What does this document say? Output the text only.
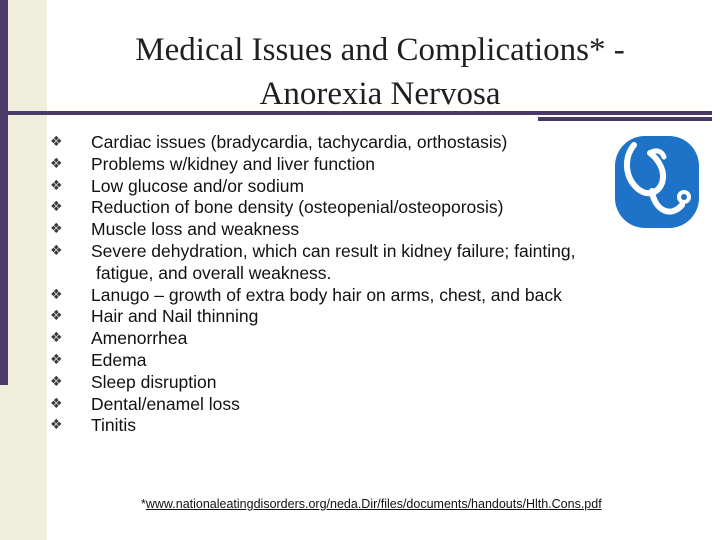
Medical Issues and Complications* -
Anorexia Nervosa
❖	Cardiac issues (bradycardia, tachycardia, orthostasis)
❖	Problems w/kidney and liver function
❖	Low glucose and/or sodium
❖	Reduction of bone density (osteopenial/osteoporosis)
❖	Muscle loss and weakness
❖	Severe dehydration, which can result in kidney failure; fainting,
fatigue, and overall weakness.
❖	Lanugo – growth of extra body hair on arms, chest, and back
❖	Hair and Nail thinning
❖	Amenorrhea
❖	Edema
❖	Sleep disruption
❖	Dental/enamel loss
❖	Tinitis
*www.nationaleatingdisorders.org/neda.Dir/files/documents/handouts/Hlth.Cons.pdf
